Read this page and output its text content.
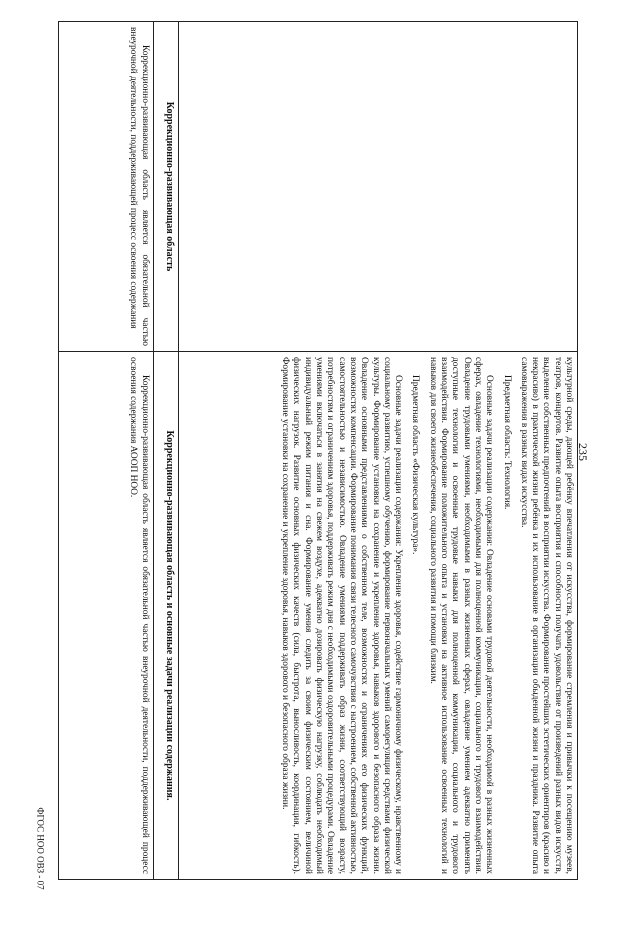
235
ФГОС НОО ОВЗ - 07

	культурной среды, дающей ребёнку впечатления от искусства, формирование стремления и привычки к посещению музеев, театров, концертов. Развитие опыта восприятия и способности получать удовольствие от произведений разных видов искусств, выделение собственных предпочтений в восприятии искусства. Формирование простейших эстетических ориентиров (красиво и некрасиво) в практической жизни ребёнка и их использование в организации обыденной жизни и праздника. Развитие опыта самовыражения в разных видах искусства.

Предметная область: Технология.

Основные задачи реализации содержания: Овладение основами трудовой деятельности, необходимой в разных жизненных сферах, овладение технологиями, необходимыми для полноценной коммуникации, социального и трудового взаимодействия. Овладение трудовыми умениями, необходимыми в разных жизненных сферах, овладение умением адекватно применять доступные технологии и освоенные трудовые навыки для полноценной коммуникации, социального и трудового взаимодействия. Формирование положительного опыта и установки на активное использование освоенных технологий и навыков для своего жизнеобеспечения, социального развития и помощи близким.

Предметная область «Физическая культура».

Основные задачи реализации содержания: Укрепление здоровья, содействие гармоничному физическому, нравственному и социальному развитию, успешному обучению, формирование первоначальных умений саморегуляции средствами физической культуры. Формирование установки на сохранение и укрепление здоровья, навыков здорового и безопасного образа жизни. Овладение основными представлениями о собственном теле, возможностях и ограничениях его физических функций, возможностях компенсации. Формирование понимания связи телесного самочувствия с настроением, собственной активностью, самостоятельностью и независимостью. Овладение умениями поддерживать образ жизни, соответствующий возрасту, потребностям и ограничениям здоровья, поддерживать режим дня с необходимыми оздоровительными процедурами. Овладение умениями включаться в занятия на свежем воздухе, адекватно дозировать физическую нагрузку, соблюдать необходимый индивидуальный режим питания и сна. Формирование умения следить за своим физическим состоянием, величиной физических нагрузок. Развитие основных физических качеств (сила, быстрота, выносливость, координация, гибкость). Формирование установки на сохранение и укрепление здоровья, навыков здорового и безопасного образа жизни.

Коррекционно-развивающая область	Коррекционно-развивающая область и основные задачи реализации содержания.

Коррекционно-развивающая область является обязательной частью внеурочной деятельности, поддерживающей процесс освоения содержания	Коррекционно-развивающая область является обязательной частью внеурочной деятельности, поддерживающей процесс освоения содержания АООП НОО.
